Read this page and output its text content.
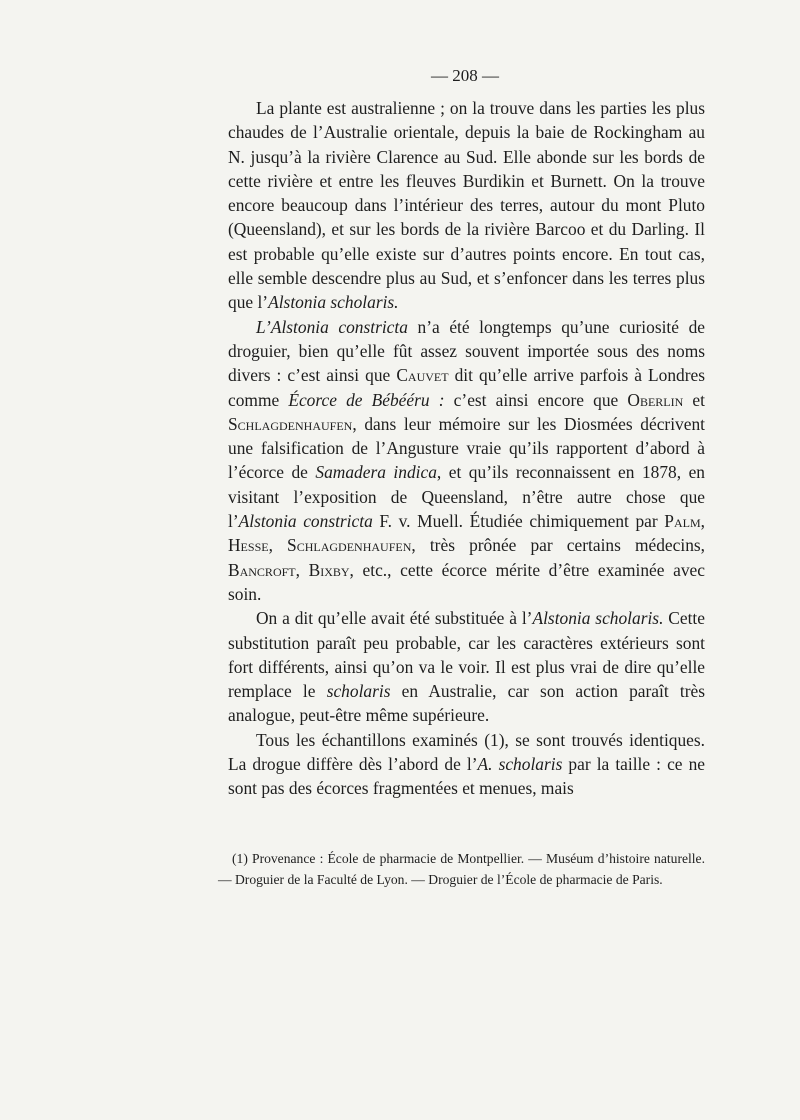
— 208 —

La plante est australienne ; on la trouve dans les parties les plus chaudes de l’Australie orientale, depuis la baie de Rockingham au N. jusqu’à la rivière Clarence au Sud. Elle abonde sur les bords de cette rivière et entre les fleuves Burdikin et Burnett. On la trouve encore beaucoup dans l’intérieur des terres, autour du mont Pluto (Queensland), et sur les bords de la rivière Barcoo et du Darling. Il est probable qu’elle existe sur d’autres points encore. En tout cas, elle semble descendre plus au Sud, et s’enfoncer dans les terres plus que l’Alstonia scholaris.

L’Alstonia constricta n’a été longtemps qu’une curiosité de droguier, bien qu’elle fût assez souvent importée sous des noms divers : c’est ainsi que Cauvet dit qu’elle arrive parfois à Londres comme Écorce de Bébééru : c’est ainsi encore que Oberlin et Schlagdenhaufen, dans leur mémoire sur les Diosmées décrivent une falsification de l’Angusture vraie qu’ils rapportent d’abord à l’écorce de Samadera indica, et qu’ils reconnaissent en 1878, en visitant l’exposition de Queensland, n’être autre chose que l’Alstonia constricta F. v. Muell. Étudiée chimiquement par Palm, Hesse, Schlagdenhaufen, très prônée par certains médecins, Bancroft, Bixby, etc., cette écorce mérite d’être examinée avec soin.

On a dit qu’elle avait été substituée à l’Alstonia scholaris. Cette substitution paraît peu probable, car les caractères extérieurs sont fort différents, ainsi qu’on va le voir. Il est plus vrai de dire qu’elle remplace le scholaris en Australie, car son action paraît très analogue, peut-être même supérieure.

Tous les échantillons examinés (1), se sont trouvés identiques. La drogue diffère dès l’abord de l’A. scholaris par la taille : ce ne sont pas des écorces fragmentées et menues, mais

(1) Provenance : École de pharmacie de Montpellier. — Muséum d’histoire naturelle. — Droguier de la Faculté de Lyon. — Droguier de l’École de pharmacie de Paris.
